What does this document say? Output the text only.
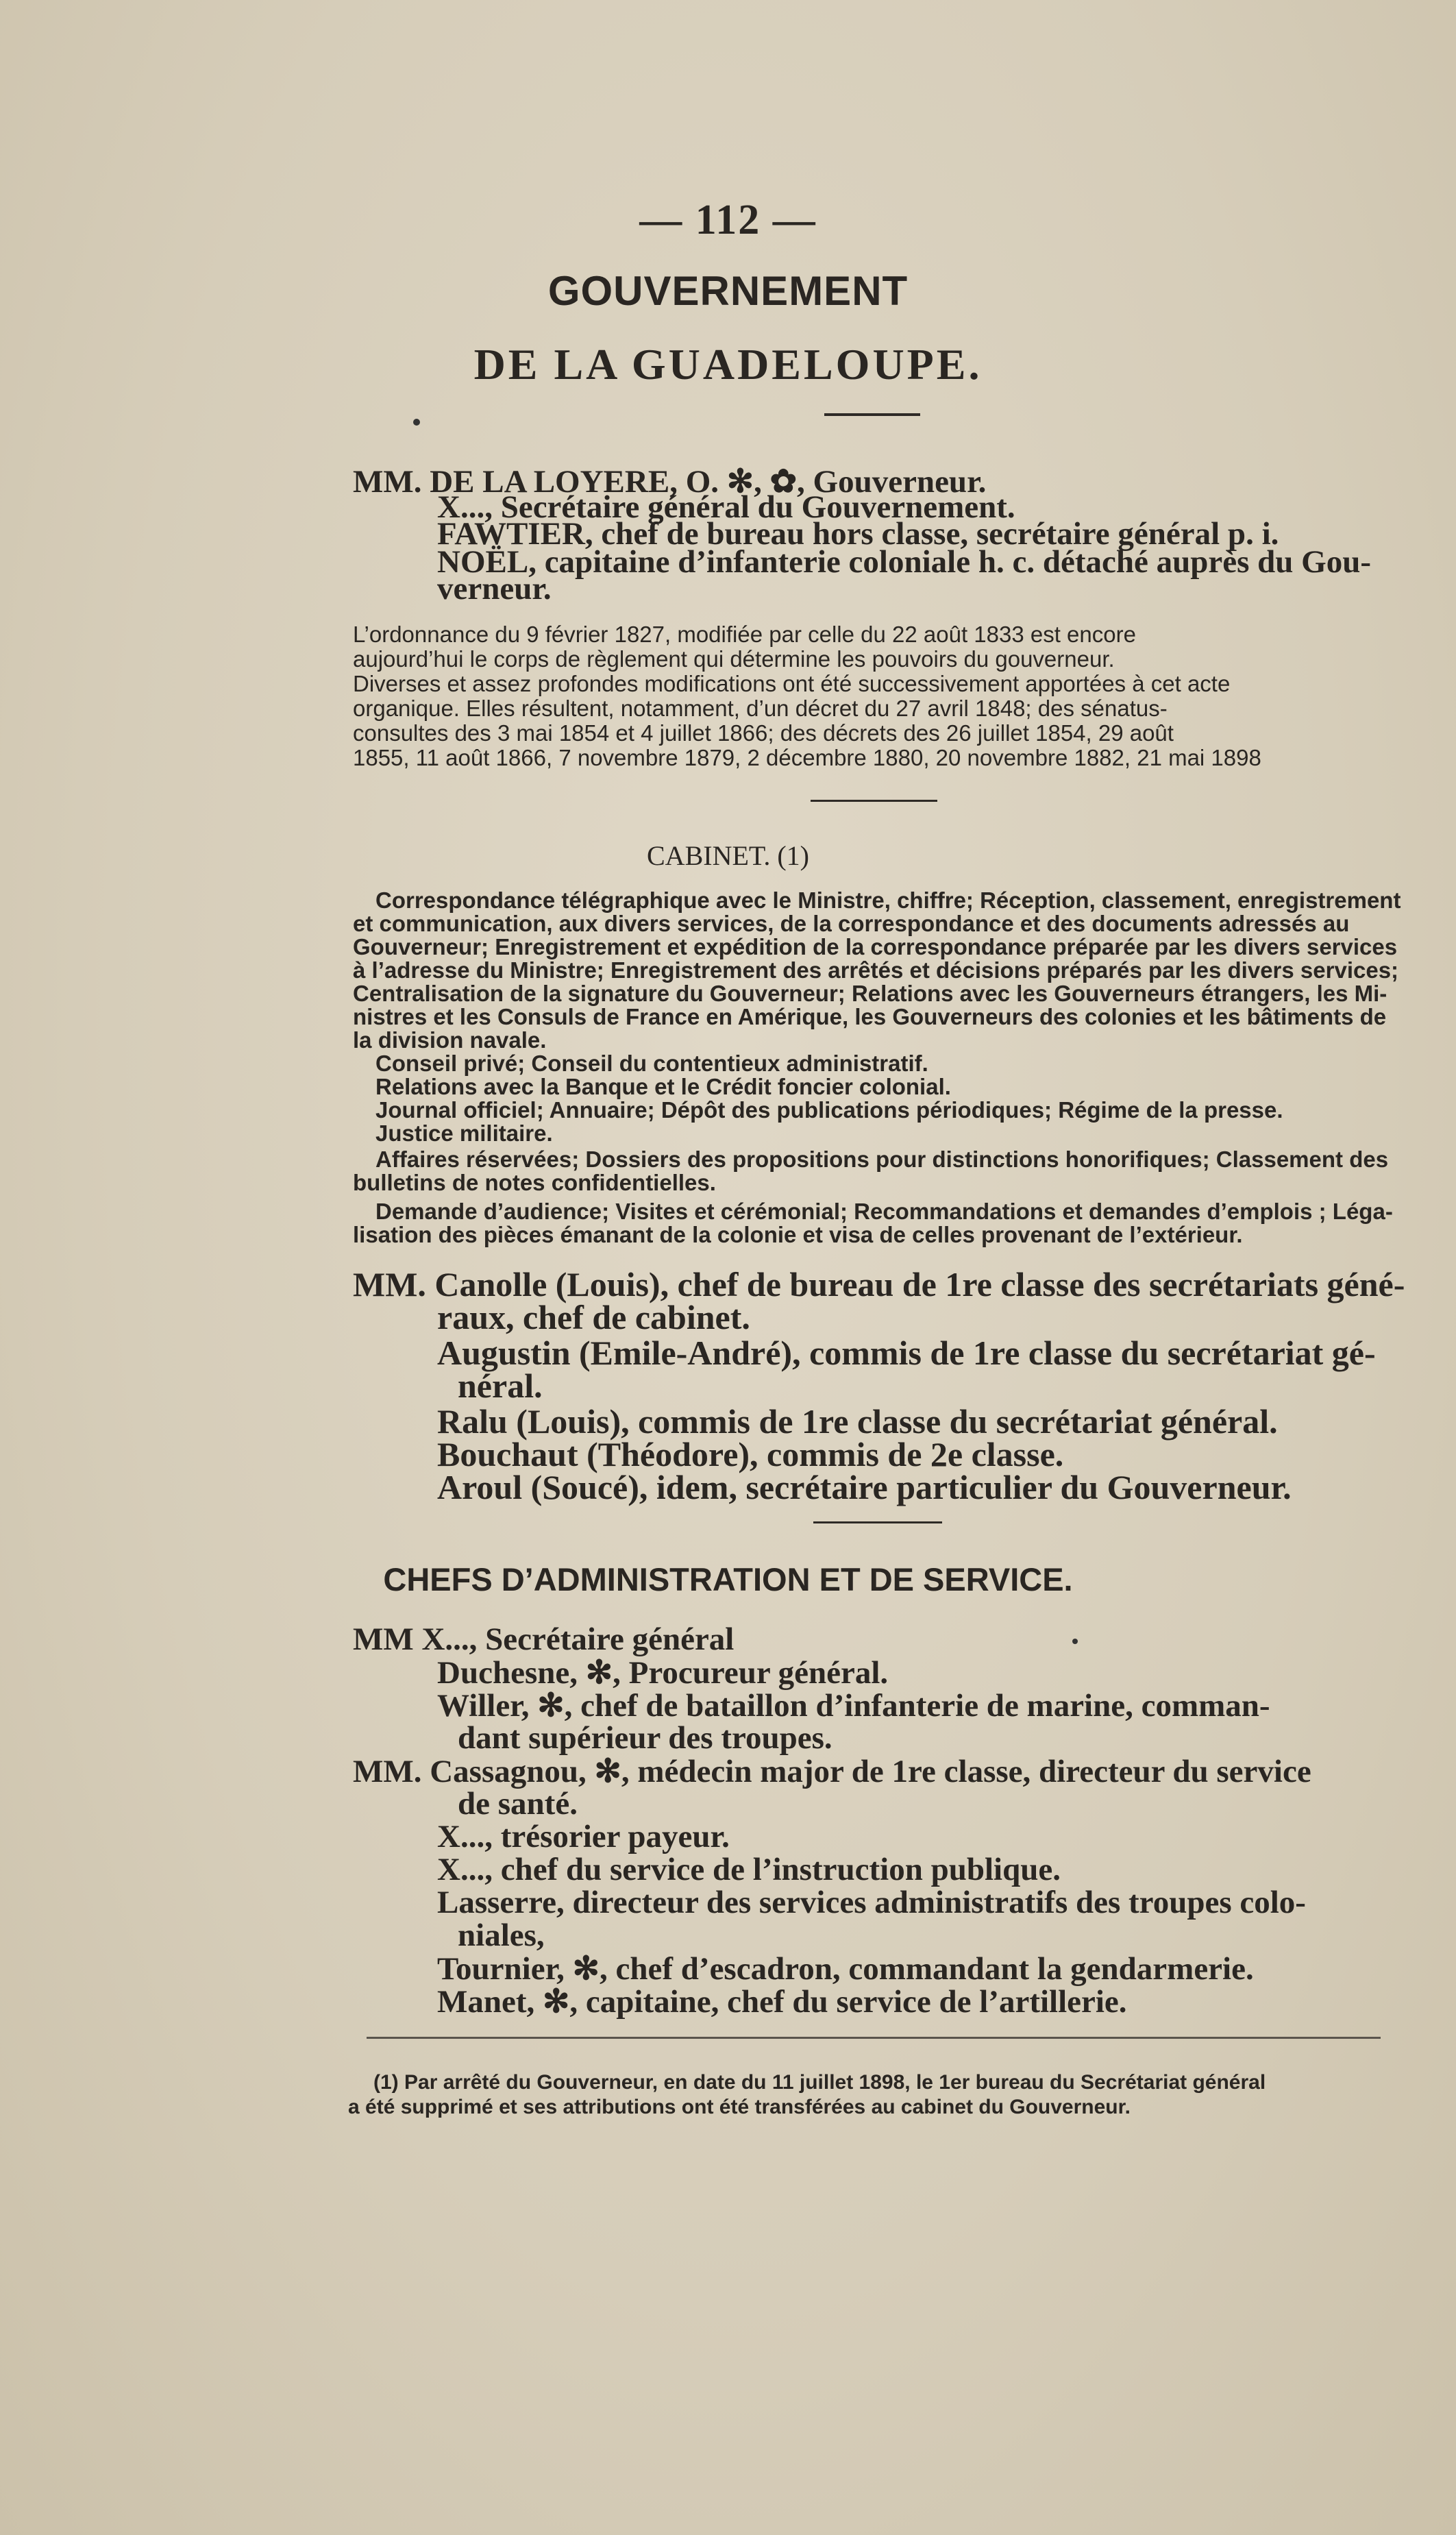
— 112 —
GOUVERNEMENT
DE LA GUADELOUPE.
MM. DE LA LOYERE, O. ✻, ✿, Gouverneur.
X..., Secrétaire général du Gouvernement.
FAWTIER, chef de bureau hors classe, secrétaire général p. i.
NOËL, capitaine d’infanterie coloniale h. c. détaché auprès du Gou-
verneur.
L’ordonnance du 9 février 1827, modifiée par celle du 22 août 1833 est encore
aujourd’hui le corps de règlement qui détermine les pouvoirs du gouverneur.
Diverses et assez profondes modifications ont été successivement apportées à cet acte
organique. Elles résultent, notamment, d’un décret du 27 avril 1848; des sénatus-
consultes des 3 mai 1854 et 4 juillet 1866; des décrets des 26 juillet 1854, 29 août
1855, 11 août 1866, 7 novembre 1879, 2 décembre 1880, 20 novembre 1882, 21 mai 1898
CABINET. (1)
Correspondance télégraphique avec le Ministre, chiffre; Réception, classement, enregistrement
et communication, aux divers services, de la correspondance et des documents adressés au
Gouverneur; Enregistrement et expédition de la correspondance préparée par les divers services
à l’adresse du Ministre; Enregistrement des arrêtés et décisions préparés par les divers services;
Centralisation de la signature du Gouverneur; Relations avec les Gouverneurs étrangers, les Mi-
nistres et les Consuls de France en Amérique, les Gouverneurs des colonies et les bâtiments de
la division navale.
Conseil privé; Conseil du contentieux administratif.
Relations avec la Banque et le Crédit foncier colonial.
Journal officiel; Annuaire; Dépôt des publications périodiques; Régime de la presse.
Justice militaire.
Affaires réservées; Dossiers des propositions pour distinctions honorifiques; Classement des
bulletins de notes confidentielles.
Demande d’audience; Visites et cérémonial; Recommandations et demandes d’emplois ; Léga-
lisation des pièces émanant de la colonie et visa de celles provenant de l’extérieur.
MM. Canolle (Louis), chef de bureau de 1re classe des secrétariats géné-
raux, chef de cabinet.
Augustin (Emile-André), commis de 1re classe du secrétariat gé-
néral.
Ralu (Louis), commis de 1re classe du secrétariat général.
Bouchaut (Théodore), commis de 2e classe.
Aroul (Soucé), idem, secrétaire particulier du Gouverneur.
CHEFS D’ADMINISTRATION ET DE SERVICE.
MM X..., Secrétaire général
Duchesne, ✻, Procureur général.
Willer, ✻, chef de bataillon d’infanterie de marine, comman-
dant supérieur des troupes.
MM. Cassagnou, ✻, médecin major de 1re classe, directeur du service
de santé.
X..., trésorier payeur.
X..., chef du service de l’instruction publique.
Lasserre, directeur des services administratifs des troupes colo-
niales,
Tournier, ✻, chef d’escadron, commandant la gendarmerie.
Manet, ✻, capitaine, chef du service de l’artillerie.
(1) Par arrêté du Gouverneur, en date du 11 juillet 1898, le 1er bureau du Secrétariat général
a été supprimé et ses attributions ont été transférées au cabinet du Gouverneur.
